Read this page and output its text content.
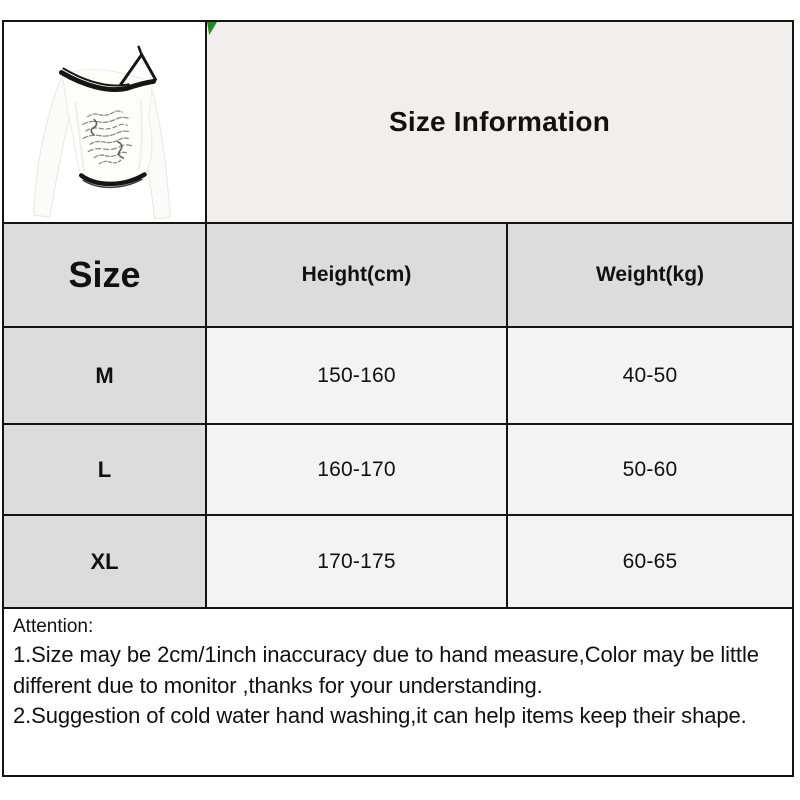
Size Information
Size	Height(cm)	Weight(kg)
M	150-160	40-50
L	160-170	50-60
XL	170-175	60-65
Attention:
1.Size may be 2cm/1inch inaccuracy due to hand measure,Color may be little different due to monitor ,thanks for your understanding.
2.Suggestion of cold water hand washing,it can help items keep their shape.
